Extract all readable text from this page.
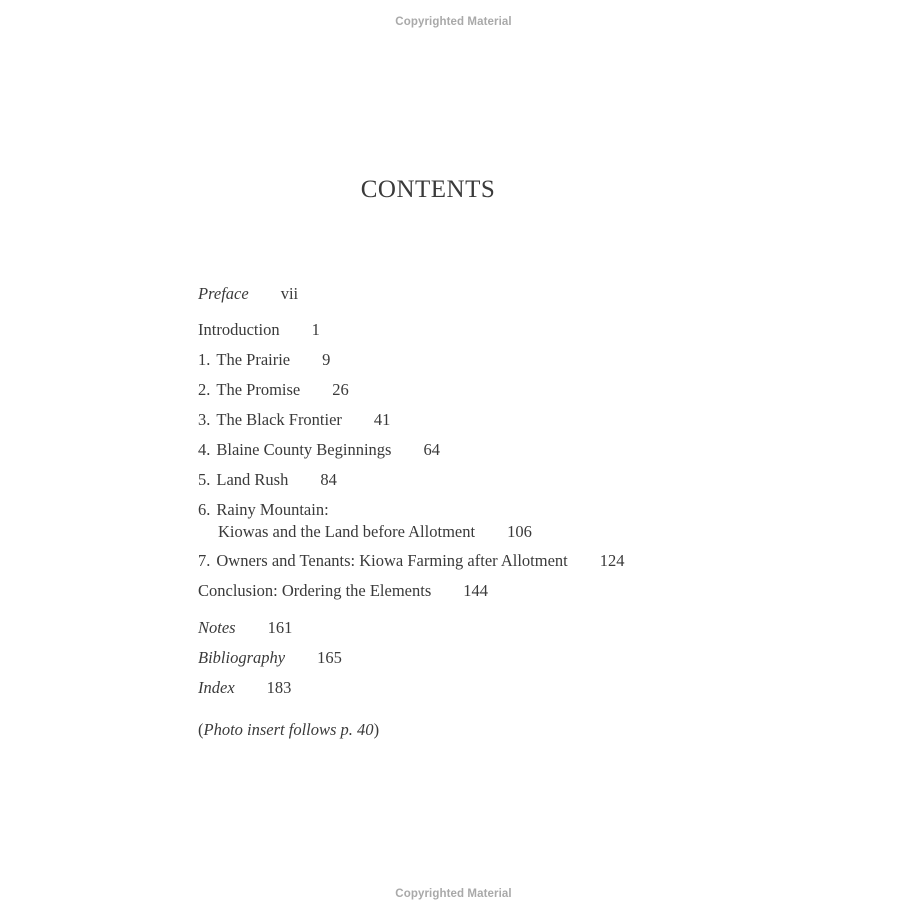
Copyrighted Material
CONTENTS
Preface vii
Introduction 1
1. The Prairie 9
2. The Promise 26
3. The Black Frontier 41
4. Blaine County Beginnings 64
5. Land Rush 84
6. Rainy Mountain:
Kiowas and the Land before Allotment 106
7. Owners and Tenants: Kiowa Farming after Allotment 124
Conclusion: Ordering the Elements 144
Notes 161
Bibliography 165
Index 183
(Photo insert follows p. 40)
Copyrighted Material
